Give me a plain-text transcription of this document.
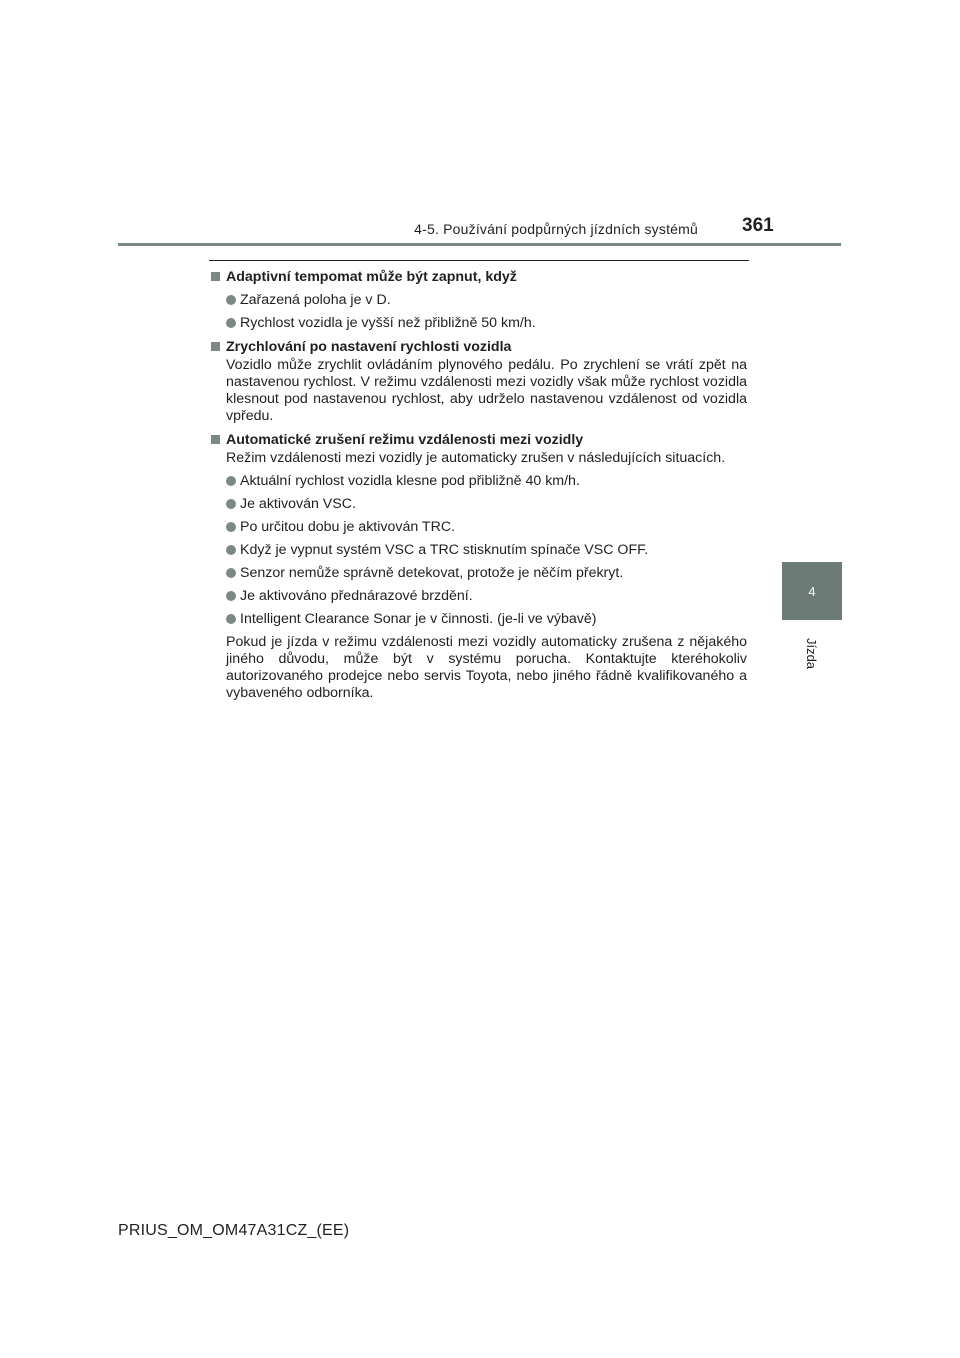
4-5. Používání podpůrných jízdních systémů 361
4
Jízda
Adaptivní tempomat může být zapnut, když
Zařazená poloha je v D.
Rychlost vozidla je vyšší než přibližně 50 km/h.
Zrychlování po nastavení rychlosti vozidla
Vozidlo může zrychlit ovládáním plynového pedálu. Po zrychlení se vrátí zpět na nastavenou rychlost. V režimu vzdálenosti mezi vozidly však může rychlost vozidla klesnout pod nastavenou rychlost, aby udrželo nastavenou vzdálenost od vozidla vpředu.
Automatické zrušení režimu vzdálenosti mezi vozidly
Režim vzdálenosti mezi vozidly je automaticky zrušen v následujících situacích.
Aktuální rychlost vozidla klesne pod přibližně 40 km/h.
Je aktivován VSC.
Po určitou dobu je aktivován TRC.
Když je vypnut systém VSC a TRC stisknutím spínače VSC OFF.
Senzor nemůže správně detekovat, protože je něčím překryt.
Je aktivováno přednárazové brzdění.
Intelligent Clearance Sonar je v činnosti. (je-li ve výbavě)
Pokud je jízda v režimu vzdálenosti mezi vozidly automaticky zrušena z nějakého jiného důvodu, může být v systému porucha. Kontaktujte kteréhokoliv autorizovaného prodejce nebo servis Toyota, nebo jiného řádně kvalifikovaného a vybaveného odborníka.
PRIUS_OM_OM47A31CZ_(EE)
